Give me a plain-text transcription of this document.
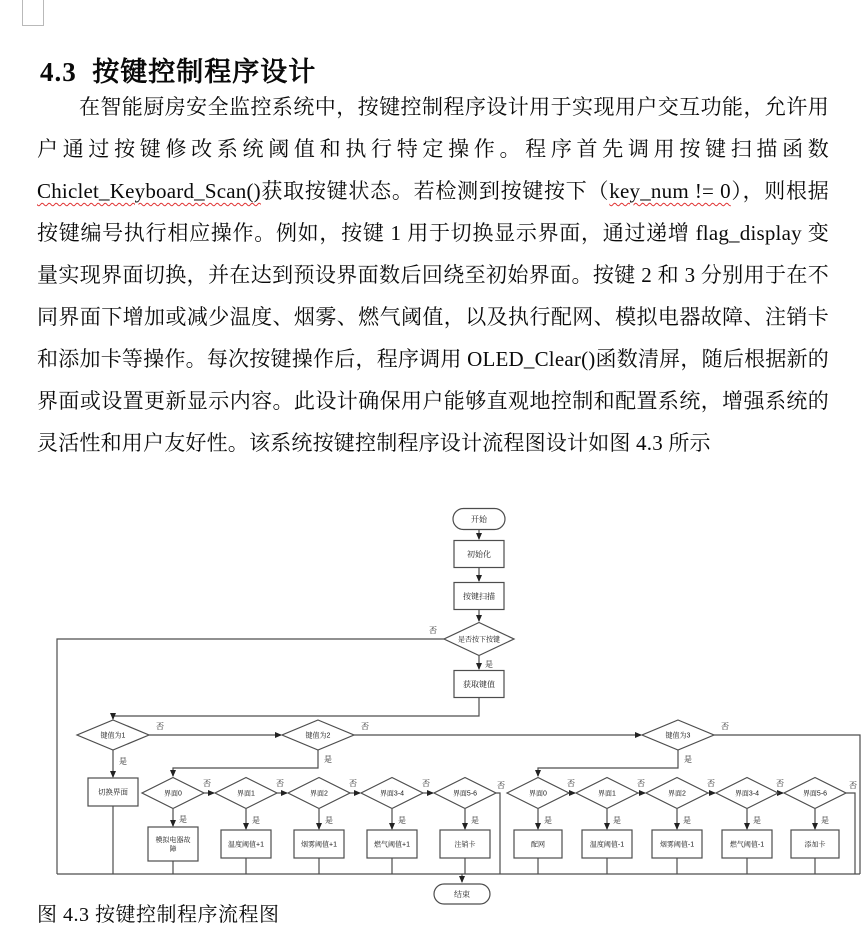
4.3  按键控制程序设计

在智能厨房安全监控系统中，按键控制程序设计用于实现用户交互功能，允许用户通过按键修改系统阈值和执行特定操作。程序首先调用按键扫描函数Chiclet_Keyboard_Scan()获取按键状态。若检测到按键按下（key_num != 0），则根据按键编号执行相应操作。例如，按键 1 用于切换显示界面，通过递增 flag_display 变量实现界面切换，并在达到预设界面数后回绕至初始界面。按键 2 和 3 分别用于在不同界面下增加或减少温度、烟雾、燃气阈值，以及执行配网、模拟电器故障、注销卡和添加卡等操作。每次按键操作后，程序调用 OLED_Clear()函数清屏，随后根据新的界面或设置更新显示内容。此设计确保用户能够直观地控制和配置系统，增强系统的灵活性和用户友好性。该系统按键控制程序设计流程图设计如图 4.3 所示

否
是
否
是
否
是
否
是
否	否	否	否	否	否	否	否	否	否
是	是	是	是	是	是	是	是	是	是
开始
初始化
按键扫描
是否按下按键
获取键值
键值为1	键值为2	键值为3
切换界面	界面0	界面1	界面2	界面3-4	界面5-6	界面0	界面1	界面2	界面3-4	界面5-6
模拟电器故
障
温度阈值+1	烟雾阈值+1	燃气阈值+1	注销卡	配网	温度阈值-1	烟雾阈值-1	燃气阈值-1	添加卡
结束
图 4.3 按键控制程序流程图
